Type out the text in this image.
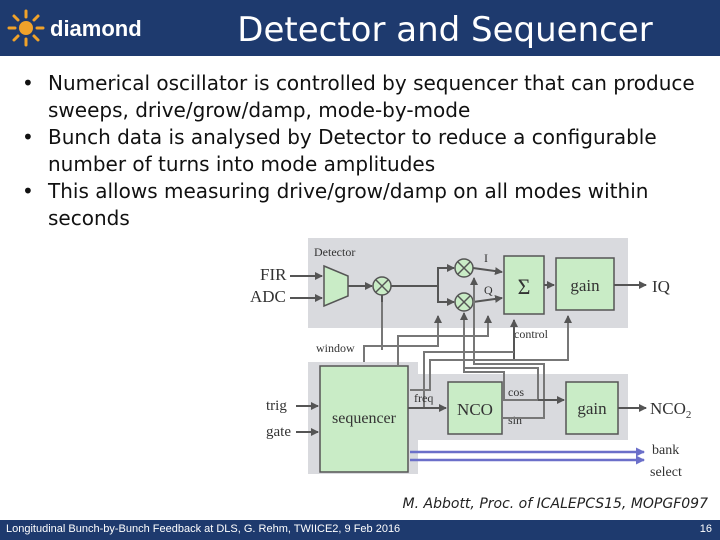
diamond	Detector and Sequencer
• Numerical oscillator is controlled by sequencer that can produce sweeps, drive/grow/damp, mode-by-mode
• Bunch data is analysed by Detector to reduce a configurable number of turns into mode amplitudes
• This allows measuring drive/grow/damp on all modes within seconds
FIR
ADC
Detector	I
Q Σ gain	IQ
control
window
sequencer
trig
gate
freq
NCO
cos
sin
gain	$NCO_2$
bank
select
M. Abbott, Proc. of ICALEPCS15, MOPGF097
Longitudinal Bunch-by-Bunch Feedback at DLS, G. Rehm, TWIICE2, 9 Feb 2016	16
